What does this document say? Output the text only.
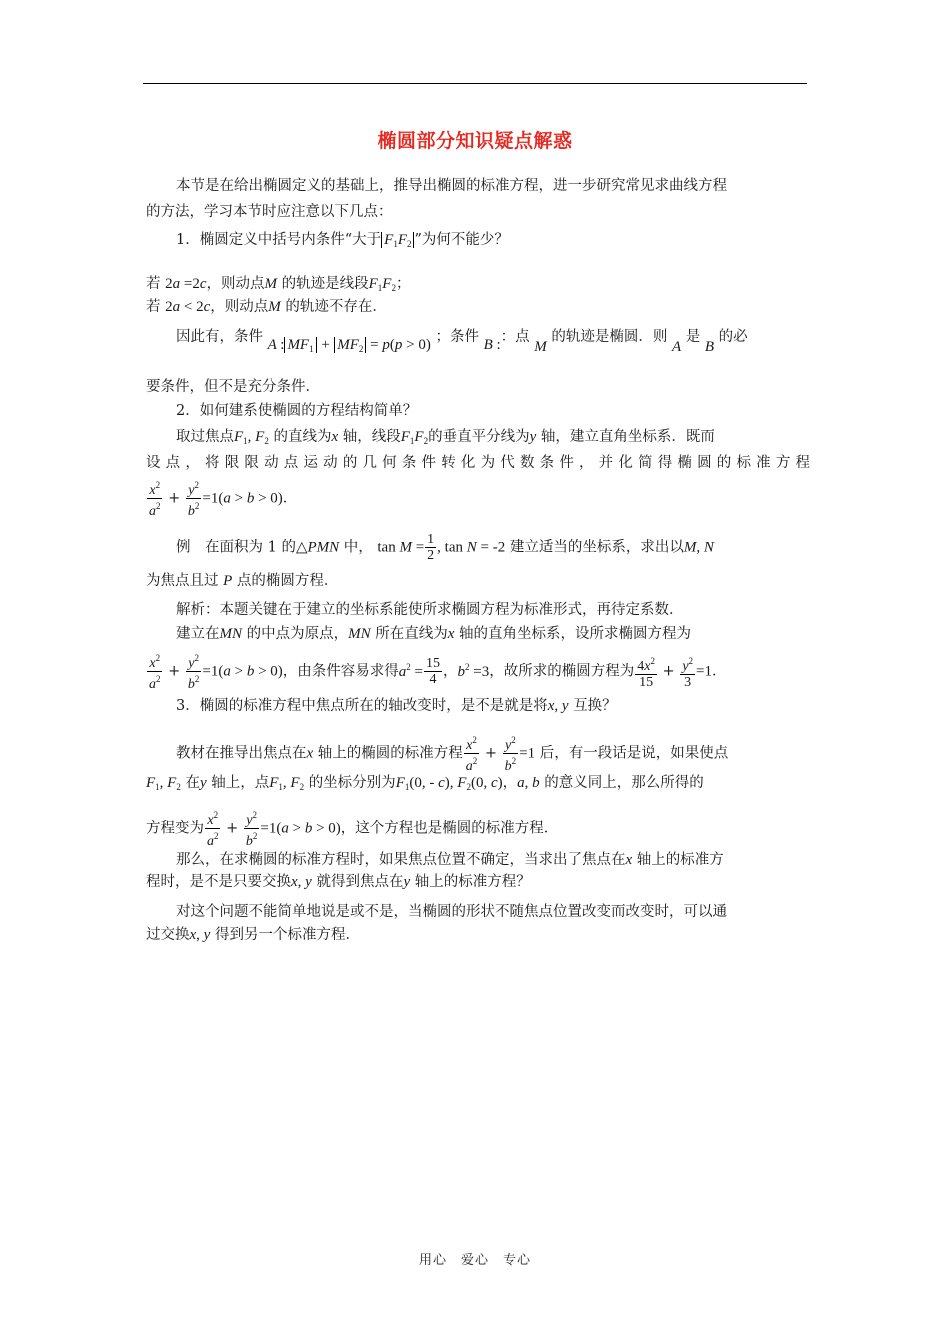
椭圆部分知识疑点解惑
本节是在给出椭圆定义的基础上，推导出椭圆的标准方程，进一步研究常见求曲线方程
的方法，学习本节时应注意以下几点：
1．椭圆定义中括号内条件“大于 $F_1F_2$ ”为何不能少？
若 2a =2c，则动点M 的轨迹是线段$F_1F_2$；
若 2a < 2c，则动点M 的轨迹不存在．
因此有，条件 A : $MF_1 + MF_2 = p(p > 0)$ ；条件 B :：点 M 的轨迹是椭圆．则 A 是 B 的必
要条件，但不是充分条件．
2．如何建系使椭圆的方程结构简单？
取过焦点$F_1$, $F_2$ 的直线为x 轴，线段$F_1F_2$的垂直平分线为y 轴，建立直角坐标系．既而
设点，将限限动点运动的几何条件转化为代数条件，并化简得椭圆的标准方程
$\frac{x^2}{a^2} + \frac{y^2}{b^2} =1(a > b > 0)$．
例　在面积为 1 的△PMN 中， $\tan M = \frac{1}{2}$ , tan N = -2 建立适当的坐标系，求出以M, N
为焦点且过 P 点的椭圆方程．
解析：本题关键在于建立的坐标系能使所求椭圆方程为标准形式，再待定系数．
建立在MN 的中点为原点，MN 所在直线为x 轴的直角坐标系，设所求椭圆方程为
$\frac{x^2}{a^2} + \frac{y^2}{b^2} =1(a > b > 0)$，由条件容易求得$a^2 = \frac{15}{4}$ ，$b^2 =3$，故所求的椭圆方程为 $\frac{4x^2}{15} + \frac{y^2}{3} =1$．
3．椭圆的标准方程中焦点所在的轴改变时，是不是就是将x, y 互换？
教材在推导出焦点在x 轴上的椭圆的标准方程 $\frac{x^2}{a^2} + \frac{y^2}{b^2} =1$ 后，有一段话是说，如果使点
$F_1$, $F_2$ 在y 轴上，点$F_1$, $F_2$ 的坐标分别为$F_1(0$, - c), $F_2(0$, c)，a, b 的意义同上，那么所得的
方程变为 $\frac{x^2}{a^2} + \frac{y^2}{b^2} =1(a > b > 0)$，这个方程也是椭圆的标准方程．
那么，在求椭圆的标准方程时，如果焦点位置不确定，当求出了焦点在x 轴上的标准方
程时，是不是只要交换x, y 就得到焦点在y 轴上的标准方程？
对这个问题不能简单地说是或不是，当椭圆的形状不随焦点位置改变而改变时，可以通
过交换x, y 得到另一个标准方程．
用心　爱心　专心
